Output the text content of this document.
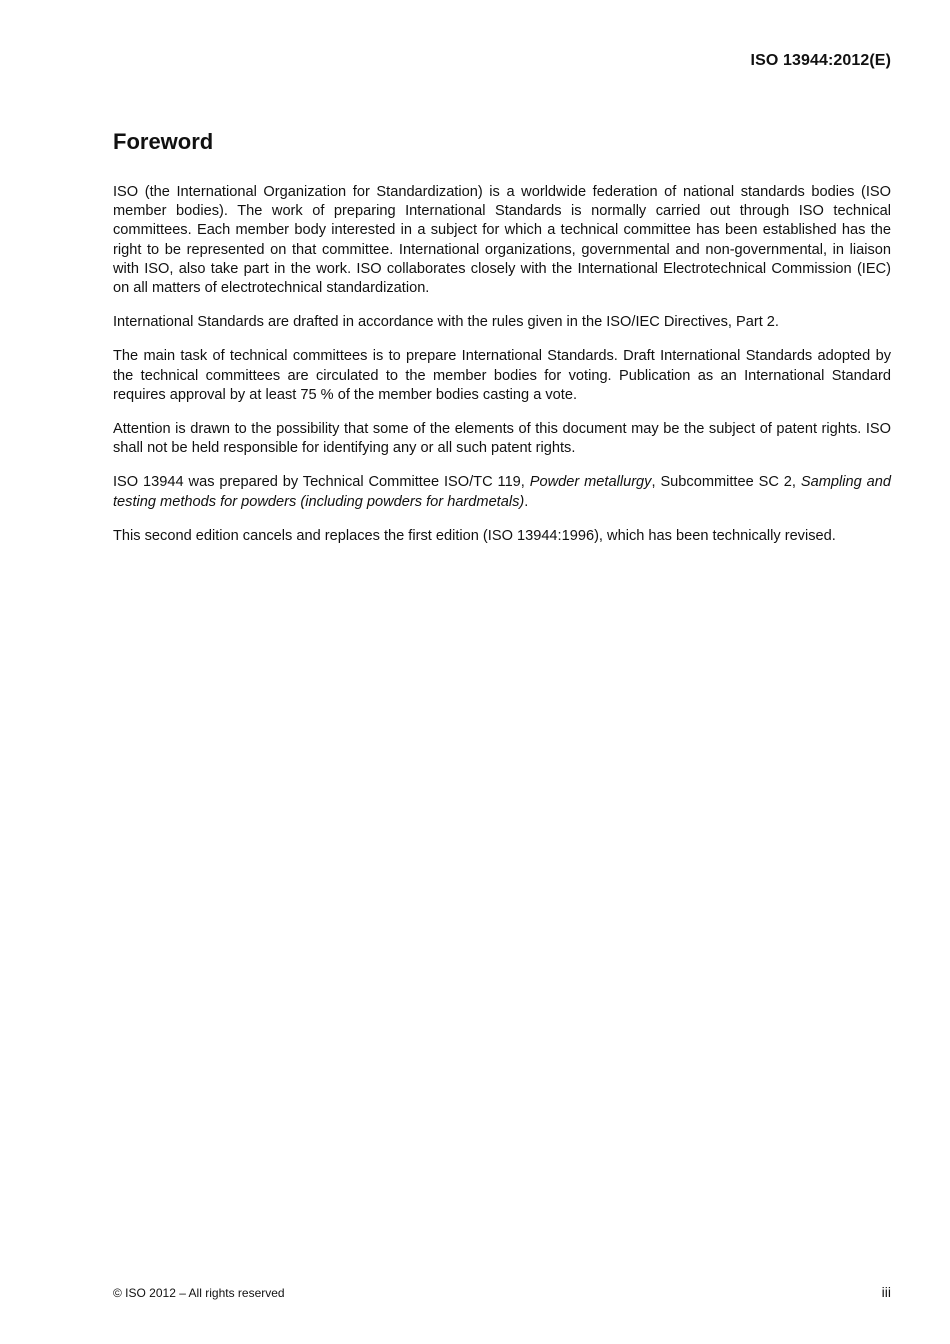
ISO 13944:2012(E)
Foreword

ISO (the International Organization for Standardization) is a worldwide federation of national standards bodies (ISO member bodies). The work of preparing International Standards is normally carried out through ISO technical committees. Each member body interested in a subject for which a technical committee has been established has the right to be represented on that committee. International organizations, governmental and non-governmental, in liaison with ISO, also take part in the work. ISO collaborates closely with the International Electrotechnical Commission (IEC) on all matters of electrotechnical standardization.

International Standards are drafted in accordance with the rules given in the ISO/IEC Directives, Part 2.

The main task of technical committees is to prepare International Standards. Draft International Standards adopted by the technical committees are circulated to the member bodies for voting. Publication as an International Standard requires approval by at least 75 % of the member bodies casting a vote.

Attention is drawn to the possibility that some of the elements of this document may be the subject of patent rights. ISO shall not be held responsible for identifying any or all such patent rights.

ISO 13944 was prepared by Technical Committee ISO/TC 119, Powder metallurgy, Subcommittee SC 2, Sampling and testing methods for powders (including powders for hardmetals).

This second edition cancels and replaces the first edition (ISO 13944:1996), which has been technically revised.

© ISO 2012 – All rights reserved	iii
